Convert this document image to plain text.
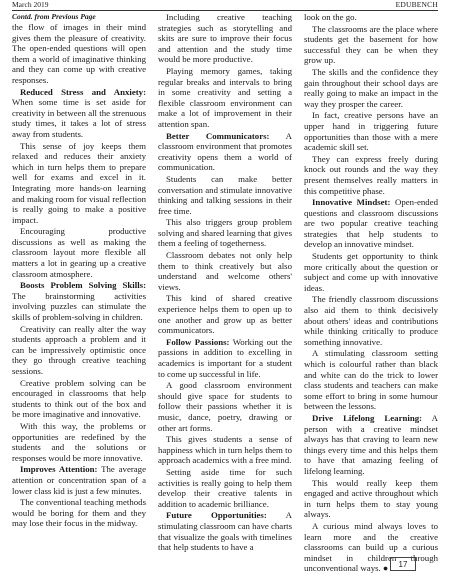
March 2019	EDUBENCH

Contd. from Previous Page

the flow of images in their mind gives them the pleasure of creativity. The open-ended questions will open them a world of imaginative thinking and they can come up with creative responses.

Reduced Stress and Anxiety: When some time is set aside for creativity in between all the strenuous study times, it takes a lot of stress away from students.

This sense of joy keeps them relaxed and reduces their anxiety which in turn helps them to prepare well for exams and excel in it. Integrating more hands-on learning and making room for visual reflection is really going to make a positive impact.

Encouraging productive discussions as well as making the classroom layout more flexible all matters a lot in gearing up a creative classroom atmosphere.

Boosts Problem Solving Skills: The brainstorming activities involving puzzles can stimulate the skills of problem-solving in children.

Creativity can really alter the way students approach a problem and it can be impressively optimistic once they go through creative teaching sessions.

Creative problem solving can be encouraged in classrooms that help students to think out of the box and be more imaginative and innovative.

With this way, the problems or opportunities are redefined by the students and the solutions or responses would be more innovative.

Improves Attention: The average attention or concentration span of a lower class kid is just a few minutes.

The conventional teaching methods would be boring for them and they may lose their focus in the midway.

Including creative teaching strategies such as storytelling and skits are sure to improve their focus and attention and the study time would be more productive.

Playing memory games, taking regular breaks and intervals to bring in some creativity and setting a flexible classroom environment can make a lot of improvement in their attention span.

Better Communicators: A classroom environment that promotes creativity opens them a world of communication.

Students can make better conversation and stimulate innovative thinking and talking sessions in their free time.

This also triggers group problem solving and shared learning that gives them a feeling of togetherness.

Classroom debates not only help them to think creatively but also understand and welcome others' views.

This kind of shared creative experience helps them to open up to one another and grow up as better communicators.

Follow Passions: Working out the passions in addition to excelling in academics is important for a student to come up successful in life.

A good classroom environment should give space for students to follow their passions whether it is music, dance, poetry, drawing or other art forms.

This gives students a sense of happiness which in turn helps them to approach academics with a free mind.

Setting aside time for such activities is really going to help them develop their creative talents in addition to academic brilliance.

Future Opportunities: A stimulating classroom can have charts that visualize the goals with timelines that help students to have a

look on the go.

The classrooms are the place where students get the basement for how successful they can be when they grow up.

The skills and the confidence they gain throughout their school days are really going to make an impact in the way they prosper the career.

In fact, creative persons have an upper hand in triggering future opportunities than those with a mere academic skill set.

They can express freely during knock out rounds and the way they present themselves really matters in this competitive phase.

Innovative Mindset: Open-ended questions and classroom discussions are two popular creative teaching strategies that help students to develop an innovative mindset.

Students get opportunity to think more critically about the question or subject and come up with innovative ideas.

The friendly classroom discussions also aid them to think decisively about others' ideas and contributions while thinking critically to produce something innovative.

A stimulating classroom setting which is colourful rather than black and white can do the trick to lower class students and teachers can make some effort to bring in some humour between the lessons.

Drive Lifelong Learning: A person with a creative mindset always has that craving to learn new things every time and this helps them to have that amazing feeling of lifelong learning.

This would really keep them engaged and active throughout which in turn helps them to stay young always.

A curious mind always loves to learn more and the creative classrooms can build up a curious mindset in children through unconventional ways. ●	17
